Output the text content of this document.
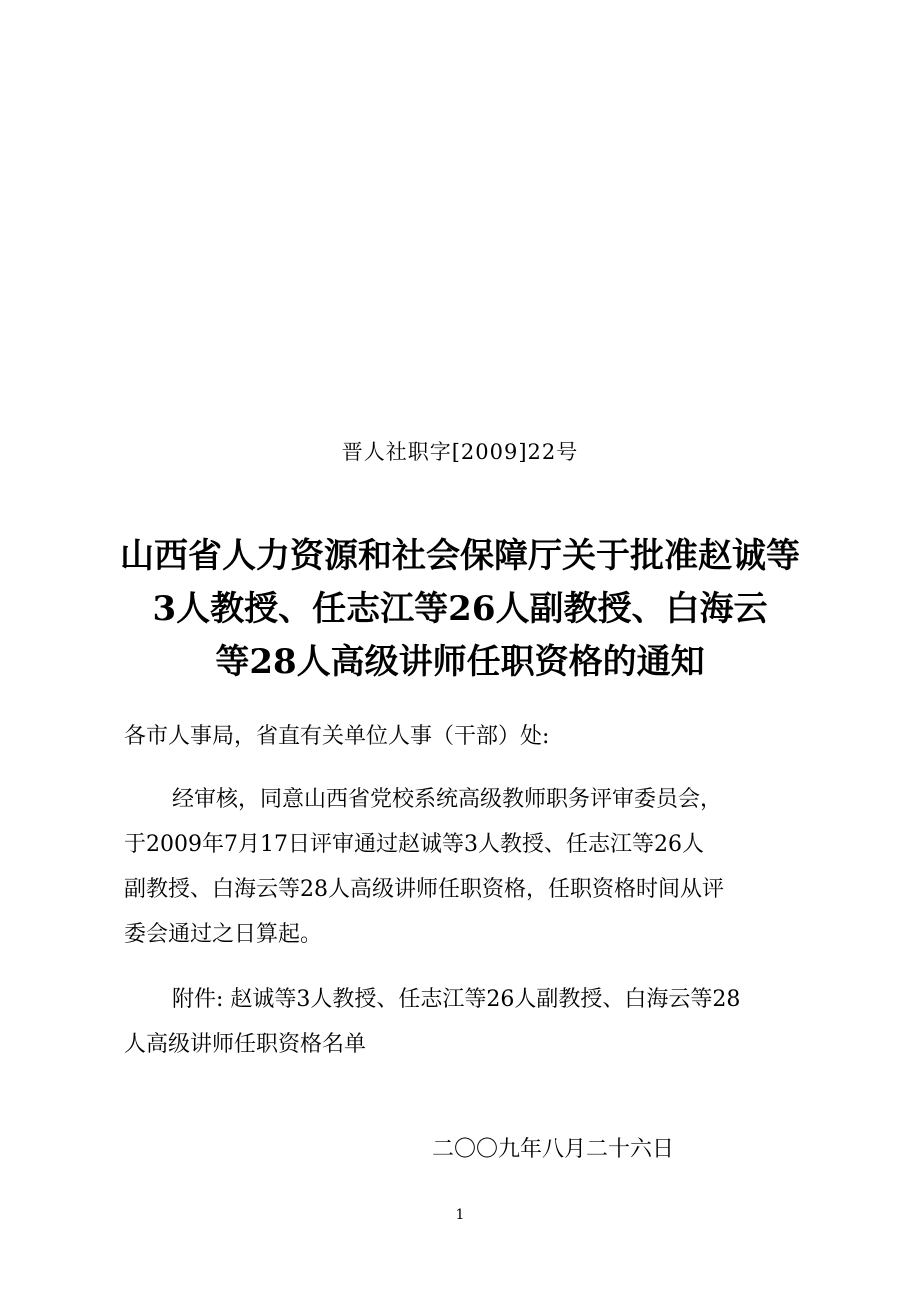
晋人社职字[2009]22号
山西省人力资源和社会保障厅关于批准赵诚等
3人教授、任志江等26人副教授、白海云
等28人高级讲师任职资格的通知
各市人事局，省直有关单位人事（干部）处:
经审核，同意山西省党校系统高级教师职务评审委员会，
于2009年7月17日评审通过赵诚等3人教授、任志江等26人
副教授、白海云等28人高级讲师任职资格，任职资格时间从评
委会通过之日算起。
附件: 赵诚等3人教授、任志江等26人副教授、白海云等28
人高级讲师任职资格名单
二〇〇九年八月二十六日
1
